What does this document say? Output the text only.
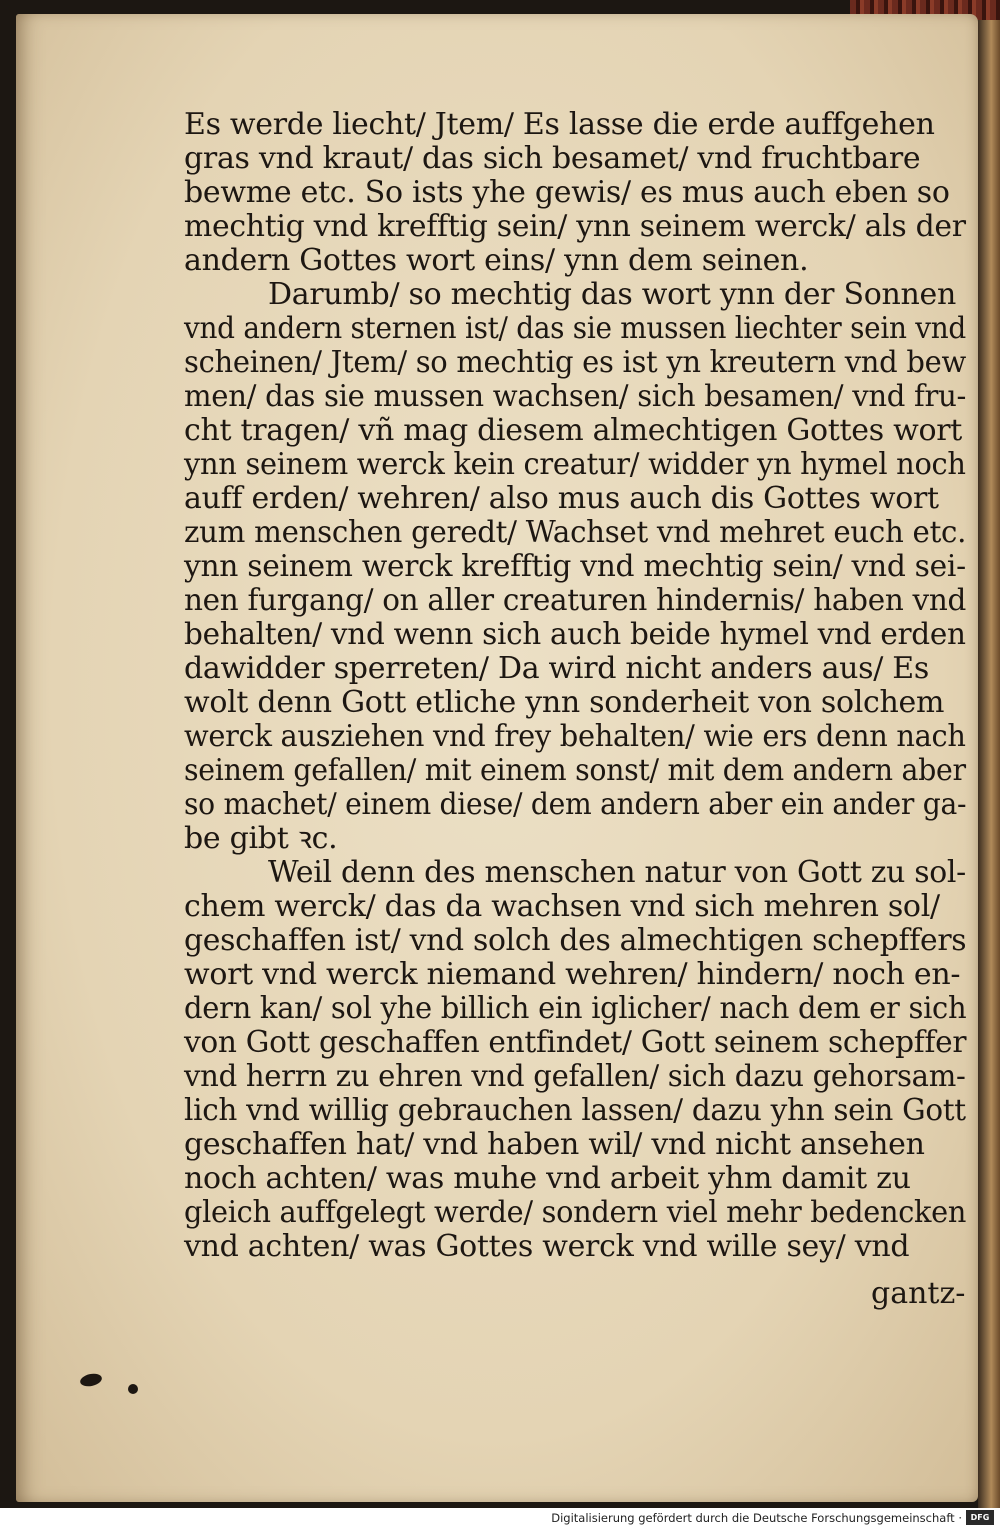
Es werde liecht/ Jtem/ Es lasse die erde auffgehen
gras vnd kraut/ das sich besamet/ vnd fruchtbare
bewme etc. So ists yhe gewis/ es mus auch eben so
mechtig vnd krefftig sein/ ynn seinem werck/ als der
andern Gottes wort eins/ ynn dem seinen.
Darumb/ so mechtig das wort ynn der Sonnen
vnd andern sternen ist/ das sie mussen liechter sein vnd
scheinen/ Jtem/ so mechtig es ist yn kreutern vnd bew
men/ das sie mussen wachsen/ sich besamen/ vnd fru-
cht tragen/ vñ mag diesem almechtigen Gottes wort
ynn seinem werck kein creatur/ widder yn hymel noch
auff erden/ wehren/ also mus auch dis Gottes wort
zum menschen geredt/ Wachset vnd mehret euch etc.
ynn seinem werck krefftig vnd mechtig sein/ vnd sei-
nen furgang/ on aller creaturen hindernis/ haben vnd
behalten/ vnd wenn sich auch beide hymel vnd erden
dawidder sperreten/ Da wird nicht anders aus/ Es
wolt denn Gott etliche ynn sonderheit von solchem
werck ausziehen vnd frey behalten/ wie ers denn nach
seinem gefallen/ mit einem sonst/ mit dem andern aber
so machet/ einem diese/ dem andern aber ein ander ga-
be gibt ꝛc.
Weil denn des menschen natur von Gott zu sol-
chem werck/ das da wachsen vnd sich mehren sol/
geschaffen ist/ vnd solch des almechtigen schepffers
wort vnd werck niemand wehren/ hindern/ noch en-
dern kan/ sol yhe billich ein iglicher/ nach dem er sich
von Gott geschaffen entfindet/ Gott seinem schepffer
vnd herrn zu ehren vnd gefallen/ sich dazu gehorsam-
lich vnd willig gebrauchen lassen/ dazu yhn sein Gott
geschaffen hat/ vnd haben wil/ vnd nicht ansehen
noch achten/ was muhe vnd arbeit yhm damit zu
gleich auffgelegt werde/ sondern viel mehr bedencken
vnd achten/ was Gottes werck vnd wille sey/ vnd
gantz-
Digitalisierung gefördert durch die Deutsche Forschungsgemeinschaft ·	DFG
